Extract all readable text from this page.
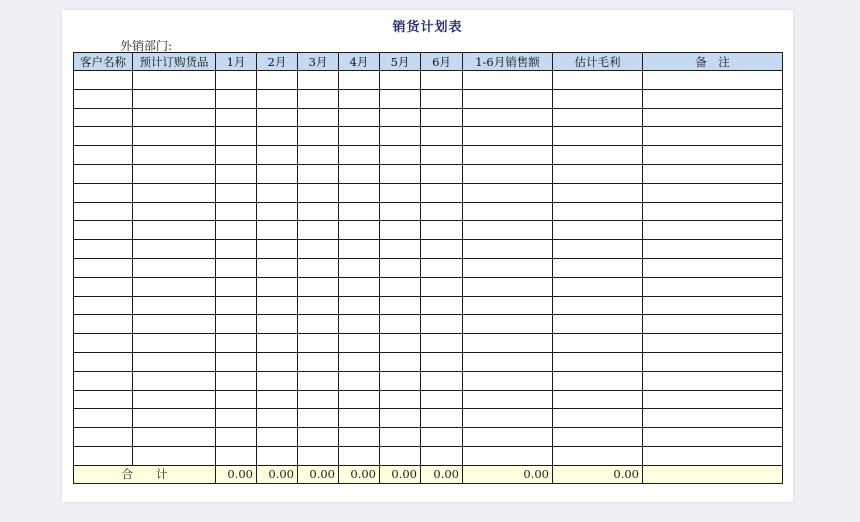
销货计划表
外销部门:
客户名称	预计订购货品	1月	2月	3月	4月	5月	6月	1-6月销售额	估计毛利	备　注

合　　计		0.00	0.00	0.00	0.00	0.00	0.00	0.00	0.00	
